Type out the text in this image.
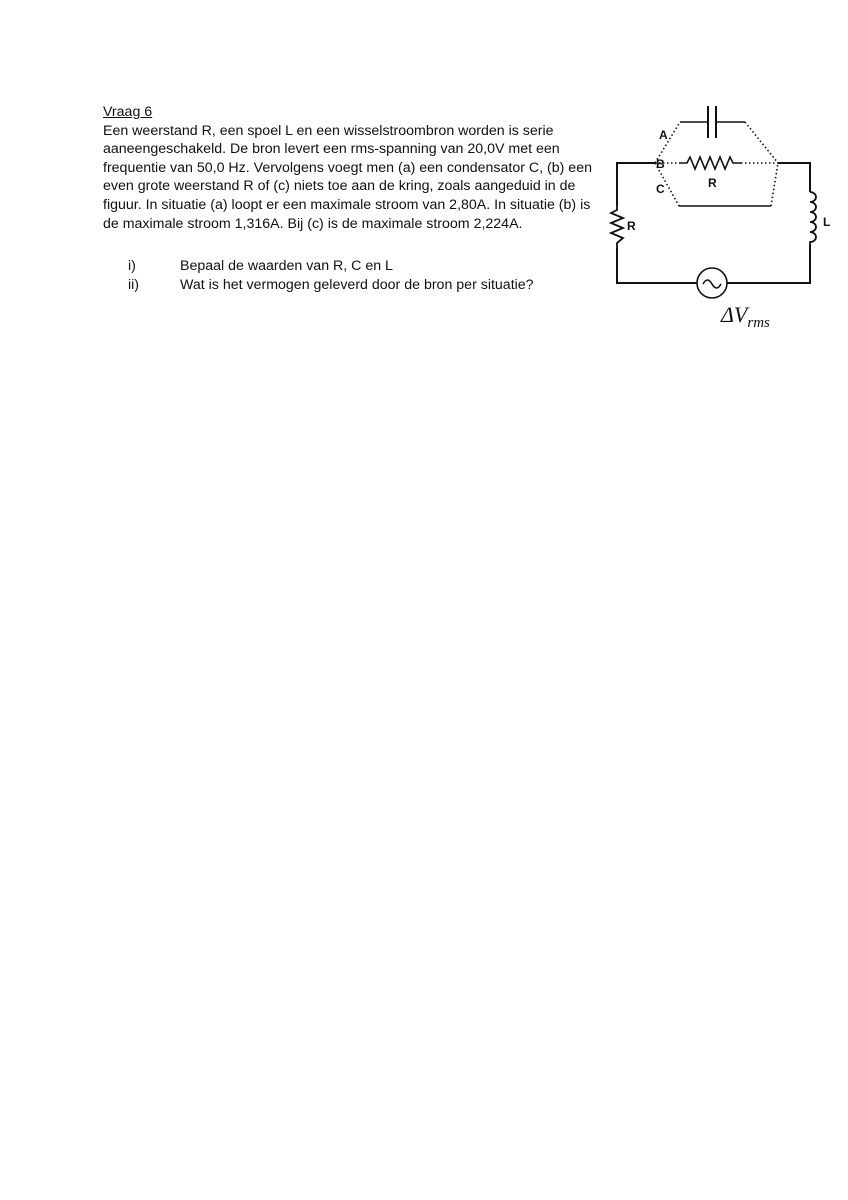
Vraag 6

Een weerstand R, een spoel L en een wisselstroombron worden is serie aaneengeschakeld. De bron levert een rms-spanning van 20,0V met een frequentie van 50,0 Hz. Vervolgens voegt men (a) een condensator C, (b) een even grote weerstand R of (c) niets toe aan de kring, zoals aangeduid in de figuur. In situatie (a) loopt er een maximale stroom van 2,80A. In situatie (b) is de maximale stroom 1,316A. Bij (c) is de maximale stroom 2,224A.

i)	Bepaal de waarden van R, C en L
ii)	Wat is het vermogen geleverd door de bron per situatie?
A
B
C	R
R	L
$\Delta V_{rms}$
